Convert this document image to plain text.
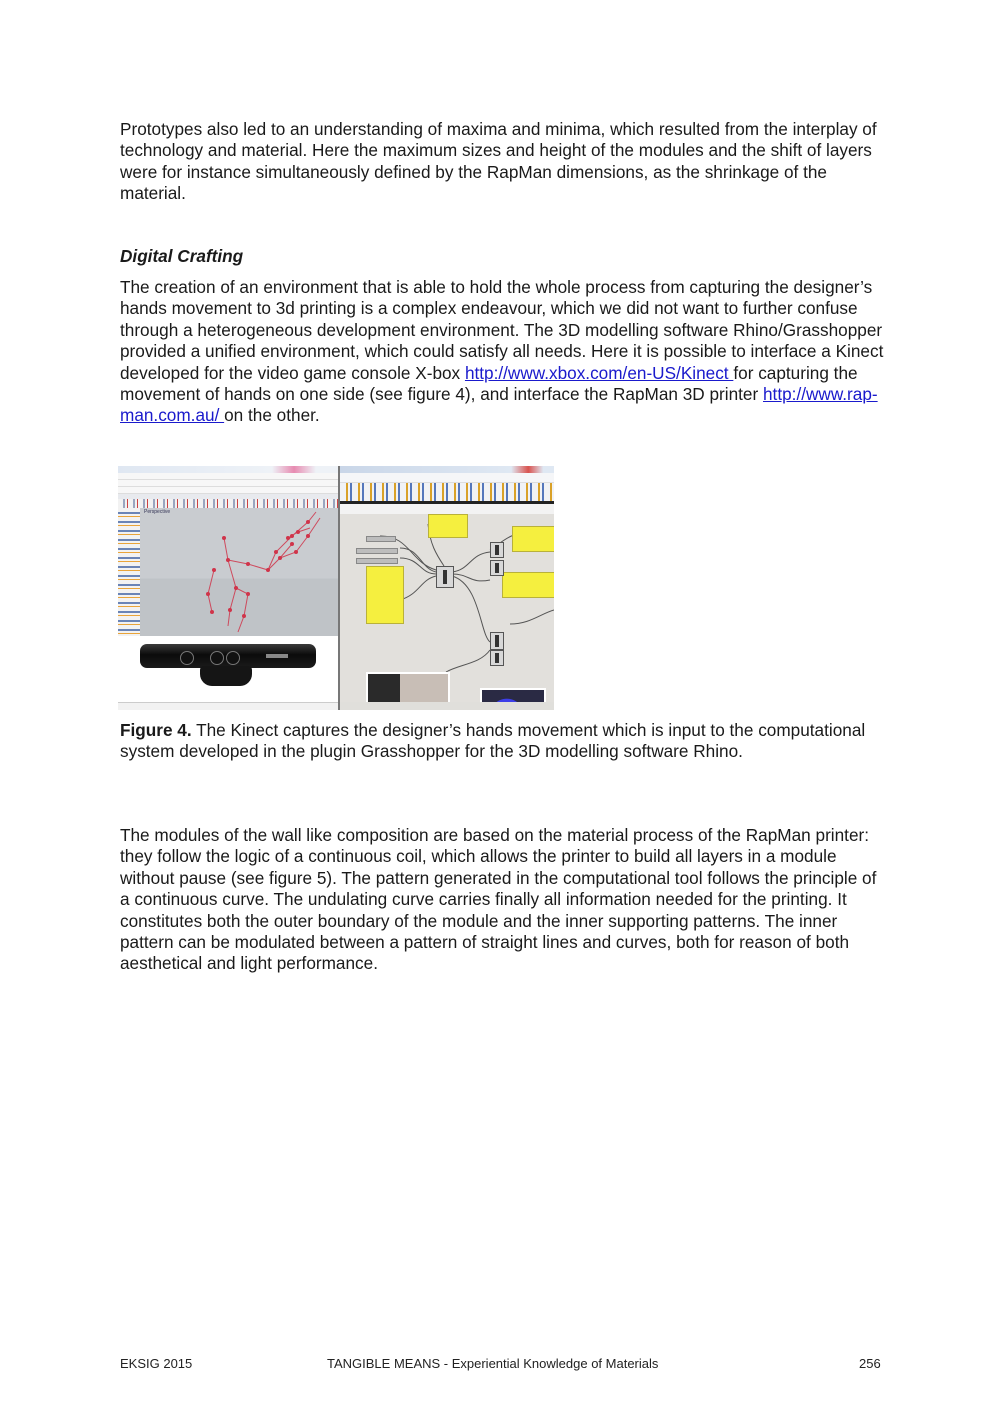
Prototypes also led to an understanding of maxima and minima, which resulted from the interplay of technology and material. Here the maximum sizes and height of the modules and the shift of layers were for instance simultaneously defined by the RapMan dimensions, as the shrinkage of the material.

Digital Crafting

The creation of an environment that is able to hold the whole process from capturing the designer’s hands movement to 3d printing is a complex endeavour, which we did not want to further confuse through a heterogeneous development environment. The 3D modelling software Rhino/Grasshopper provided a unified environment, which could satisfy all needs. Here it is possible to interface a Kinect developed for the video game console X-box http://www.xbox.com/en-US/Kinect for capturing the movement of hands on one side (see figure 4), and interface the RapMan 3D printer http://www.rap-man.com.au/ on the other.

Perspective

Figure 4. The Kinect captures the designer’s hands movement which is input to the computational system developed in the plugin Grasshopper for the 3D modelling software Rhino.

The modules of the wall like composition are based on the material process of the RapMan printer: they follow the logic of a continuous coil, which allows the printer to build all layers in a module without pause (see figure 5). The pattern generated in the computational tool follows the principle of a continuous curve. The undulating curve carries finally all information needed for the printing. It constitutes both the outer boundary of the module and the inner supporting patterns. The inner pattern can be modulated between a pattern of straight lines and curves, both for reason of both aesthetical and light performance.

EKSIG 2015	TANGIBLE MEANS - Experiential Knowledge of Materials	256
